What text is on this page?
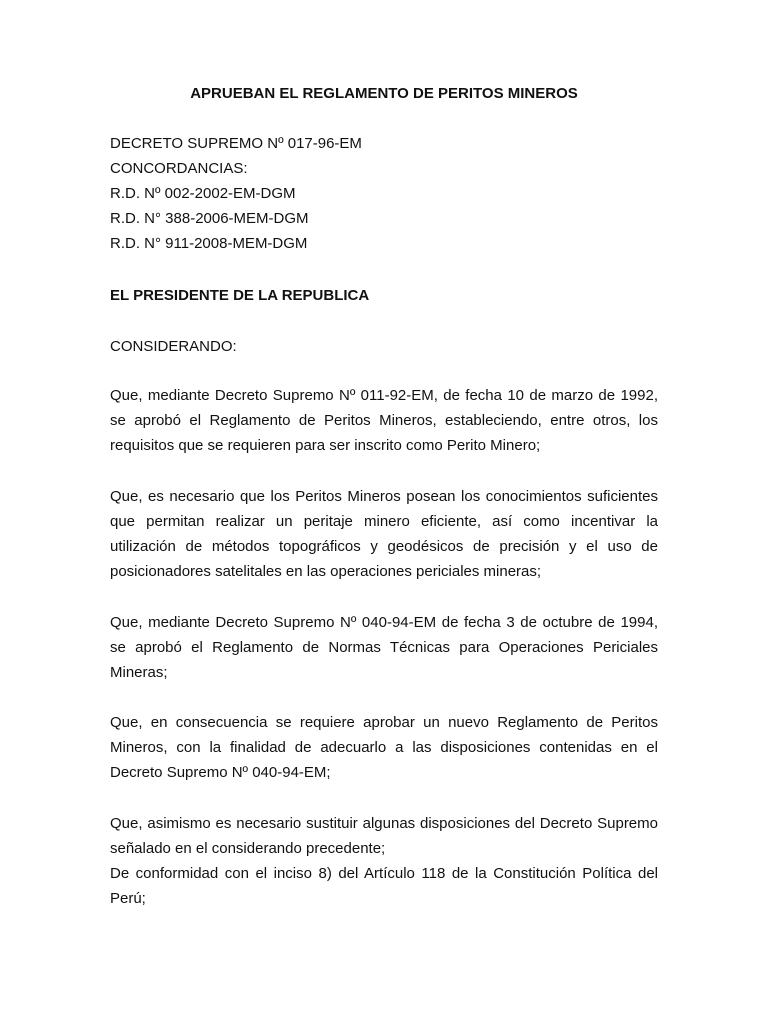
APRUEBAN EL REGLAMENTO DE PERITOS MINEROS
DECRETO SUPREMO Nº 017-96-EM
CONCORDANCIAS:
R.D. Nº 002-2002-EM-DGM
R.D. N° 388-2006-MEM-DGM
R.D. N° 911-2008-MEM-DGM
EL PRESIDENTE DE LA REPUBLICA
CONSIDERANDO:

Que, mediante Decreto Supremo Nº 011-92-EM, de fecha 10 de marzo de 1992, se aprobó el Reglamento de Peritos Mineros, estableciendo, entre otros, los requisitos que se requieren para ser inscrito como Perito Minero;

Que, es necesario que los Peritos Mineros posean los conocimientos suficientes que permitan realizar un peritaje minero eficiente, así como incentivar la utilización de métodos topográficos y geodésicos de precisión y el uso de posicionadores satelitales en las operaciones periciales mineras;

Que, mediante Decreto Supremo Nº 040-94-EM de fecha 3 de octubre de 1994, se aprobó el Reglamento de Normas Técnicas para Operaciones Periciales Mineras;

Que, en consecuencia se requiere aprobar un nuevo Reglamento de Peritos Mineros, con la finalidad de adecuarlo a las disposiciones contenidas en el Decreto Supremo Nº 040-94-EM;

Que, asimismo es necesario sustituir algunas disposiciones del Decreto Supremo señalado en el considerando precedente;

De conformidad con el inciso 8) del Artículo 118 de la Constitución Política del Perú;
